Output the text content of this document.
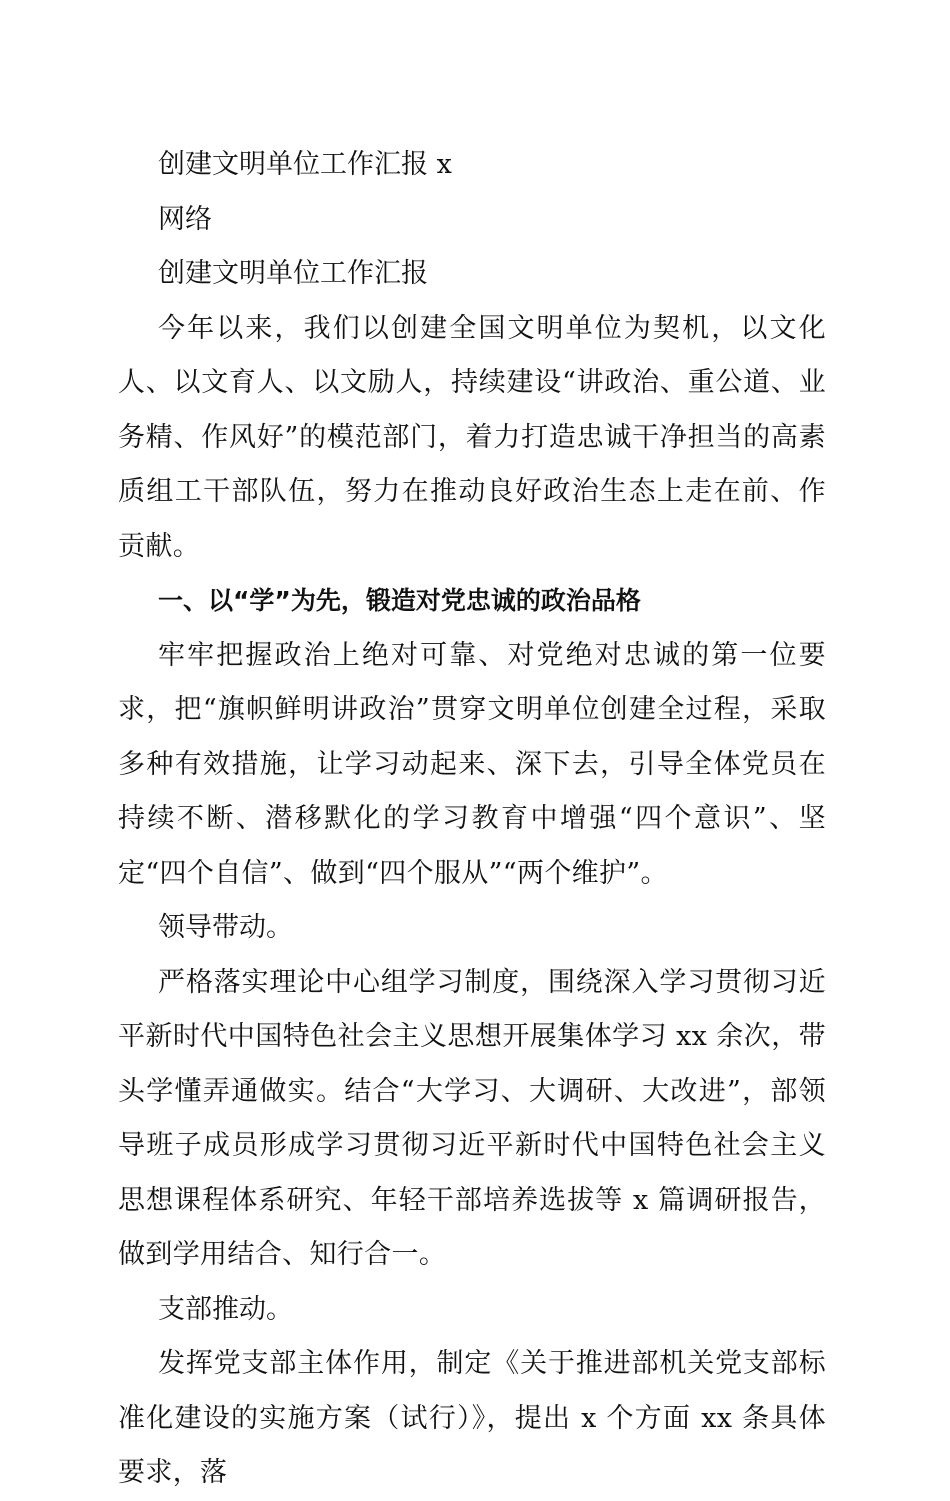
创建文明单位工作汇报 x

网络

创建文明单位工作汇报

今年以来，我们以创建全国文明单位为契机，以文化人、以文育人、以文励人，持续建设“讲政治、重公道、业务精、作风好”的模范部门，着力打造忠诚干净担当的高素质组工干部队伍，努力在推动良好政治生态上走在前、作贡献。

一、以“学”为先，锻造对党忠诚的政治品格

牢牢把握政治上绝对可靠、对党绝对忠诚的第一位要求，把“旗帜鲜明讲政治”贯穿文明单位创建全过程，采取多种有效措施，让学习动起来、深下去，引导全体党员在持续不断、潜移默化的学习教育中增强“四个意识”、坚定“四个自信”、做到“四个服从”“两个维护”。

领导带动。

严格落实理论中心组学习制度，围绕深入学习贯彻习近平新时代中国特色社会主义思想开展集体学习 xx 余次，带头学懂弄通做实。结合“大学习、大调研、大改进”，部领导班子成员形成学习贯彻习近平新时代中国特色社会主义思想课程体系研究、年轻干部培养选拔等 x 篇调研报告，做到学用结合、知行合一。

支部推动。

发挥党支部主体作用，制定《关于推进部机关党支部标准化建设的实施方案（试行）》，提出 x 个方面 xx 条具体要求，落
